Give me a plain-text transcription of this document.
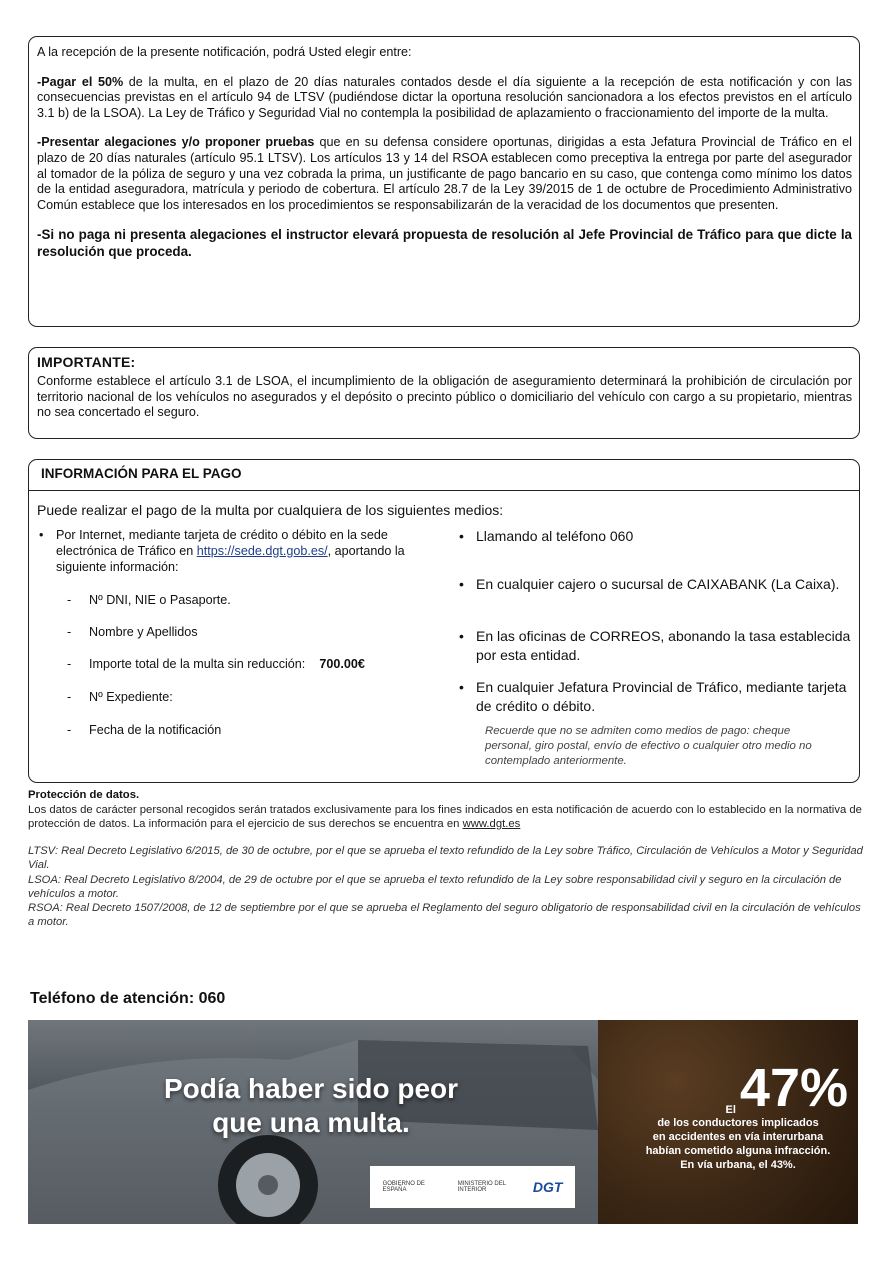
A la recepción de la presente notificación, podrá Usted elegir entre:

-Pagar el 50% de la multa, en el plazo de 20 días naturales contados desde el día siguiente a la recepción de esta notificación y con las consecuencias previstas en el artículo 94 de LTSV (pudiéndose dictar la oportuna resolución sancionadora a los efectos previstos en el artículo 3.1 b) de la LSOA). La Ley de Tráfico y Seguridad Vial no contempla la posibilidad de aplazamiento o fraccionamiento del importe de la multa.

-Presentar alegaciones y/o proponer pruebas que en su defensa considere oportunas, dirigidas a esta Jefatura Provincial de Tráfico en el plazo de 20 días naturales (artículo 95.1 LTSV). Los artículos 13 y 14 del RSOA establecen como preceptiva la entrega por parte del asegurador al tomador de la póliza de seguro y una vez cobrada la prima, un justificante de pago bancario en su caso, que contenga como mínimo los datos de la entidad aseguradora, matrícula y periodo de cobertura. El artículo 28.7 de la Ley 39/2015 de 1 de octubre de Procedimiento Administrativo Común establece que los interesados en los procedimientos se responsabilizarán de la veracidad de los documentos que presenten.

-Si no paga ni presenta alegaciones el instructor elevará propuesta de resolución al Jefe Provincial de Tráfico para que dicte la resolución que proceda.

IMPORTANTE:

Conforme establece el artículo 3.1 de LSOA, el incumplimiento de la obligación de aseguramiento determinará la prohibición de circulación por territorio nacional de los vehículos no asegurados y el depósito o precinto público o domiciliario del vehículo con cargo a su propietario, mientras no sea concertado el seguro.

INFORMACIÓN PARA EL PAGO
Puede realizar el pago de la multa por cualquiera de los siguientes medios:
• Por Internet, mediante tarjeta de crédito o débito en la sede electrónica de Tráfico en https://sede.dgt.gob.es/, aportando la siguiente información:
- Nº DNI, NIE o Pasaporte.
- Nombre y Apellidos
- Importe total de la multa sin reducción: 700.00€
- Nº Expediente:
- Fecha de la notificación
• Llamando al teléfono 060
• En cualquier cajero o sucursal de CAIXABANK (La Caixa).
• En las oficinas de CORREOS, abonando la tasa establecida por esta entidad.
• En cualquier Jefatura Provincial de Tráfico, mediante tarjeta de crédito o débito.
Recuerde que no se admiten como medios de pago: cheque personal, giro postal, envío de efectivo o cualquier otro medio no contemplado anteriormente.
Protección de datos.
Los datos de carácter personal recogidos serán tratados exclusivamente para los fines indicados en esta notificación de acuerdo con lo establecido en la normativa de protección de datos. La información para el ejercicio de sus derechos se encuentra en www.dgt.es
LTSV: Real Decreto Legislativo 6/2015, de 30 de octubre, por el que se aprueba el texto refundido de la Ley sobre Tráfico, Circulación de Vehículos a Motor y Seguridad Vial.
LSOA: Real Decreto Legislativo 8/2004, de 29 de octubre por el que se aprueba el texto refundido de la Ley sobre responsabilidad civil y seguro en la circulación de vehículos a motor.
RSOA: Real Decreto 1507/2008, de 12 de septiembre por el que se aprueba el Reglamento del seguro obligatorio de responsabilidad civil en la circulación de vehículos a motor.
Teléfono de atención: 060
Podía haber sido peor
que una multa.
GOBIERNO DE ESPAÑA
MINISTERIO DEL INTERIOR	DGT
El47%
de los conductores implicados
en accidentes en vía interurbana
habían cometido alguna infracción.
En vía urbana, el 43%.
